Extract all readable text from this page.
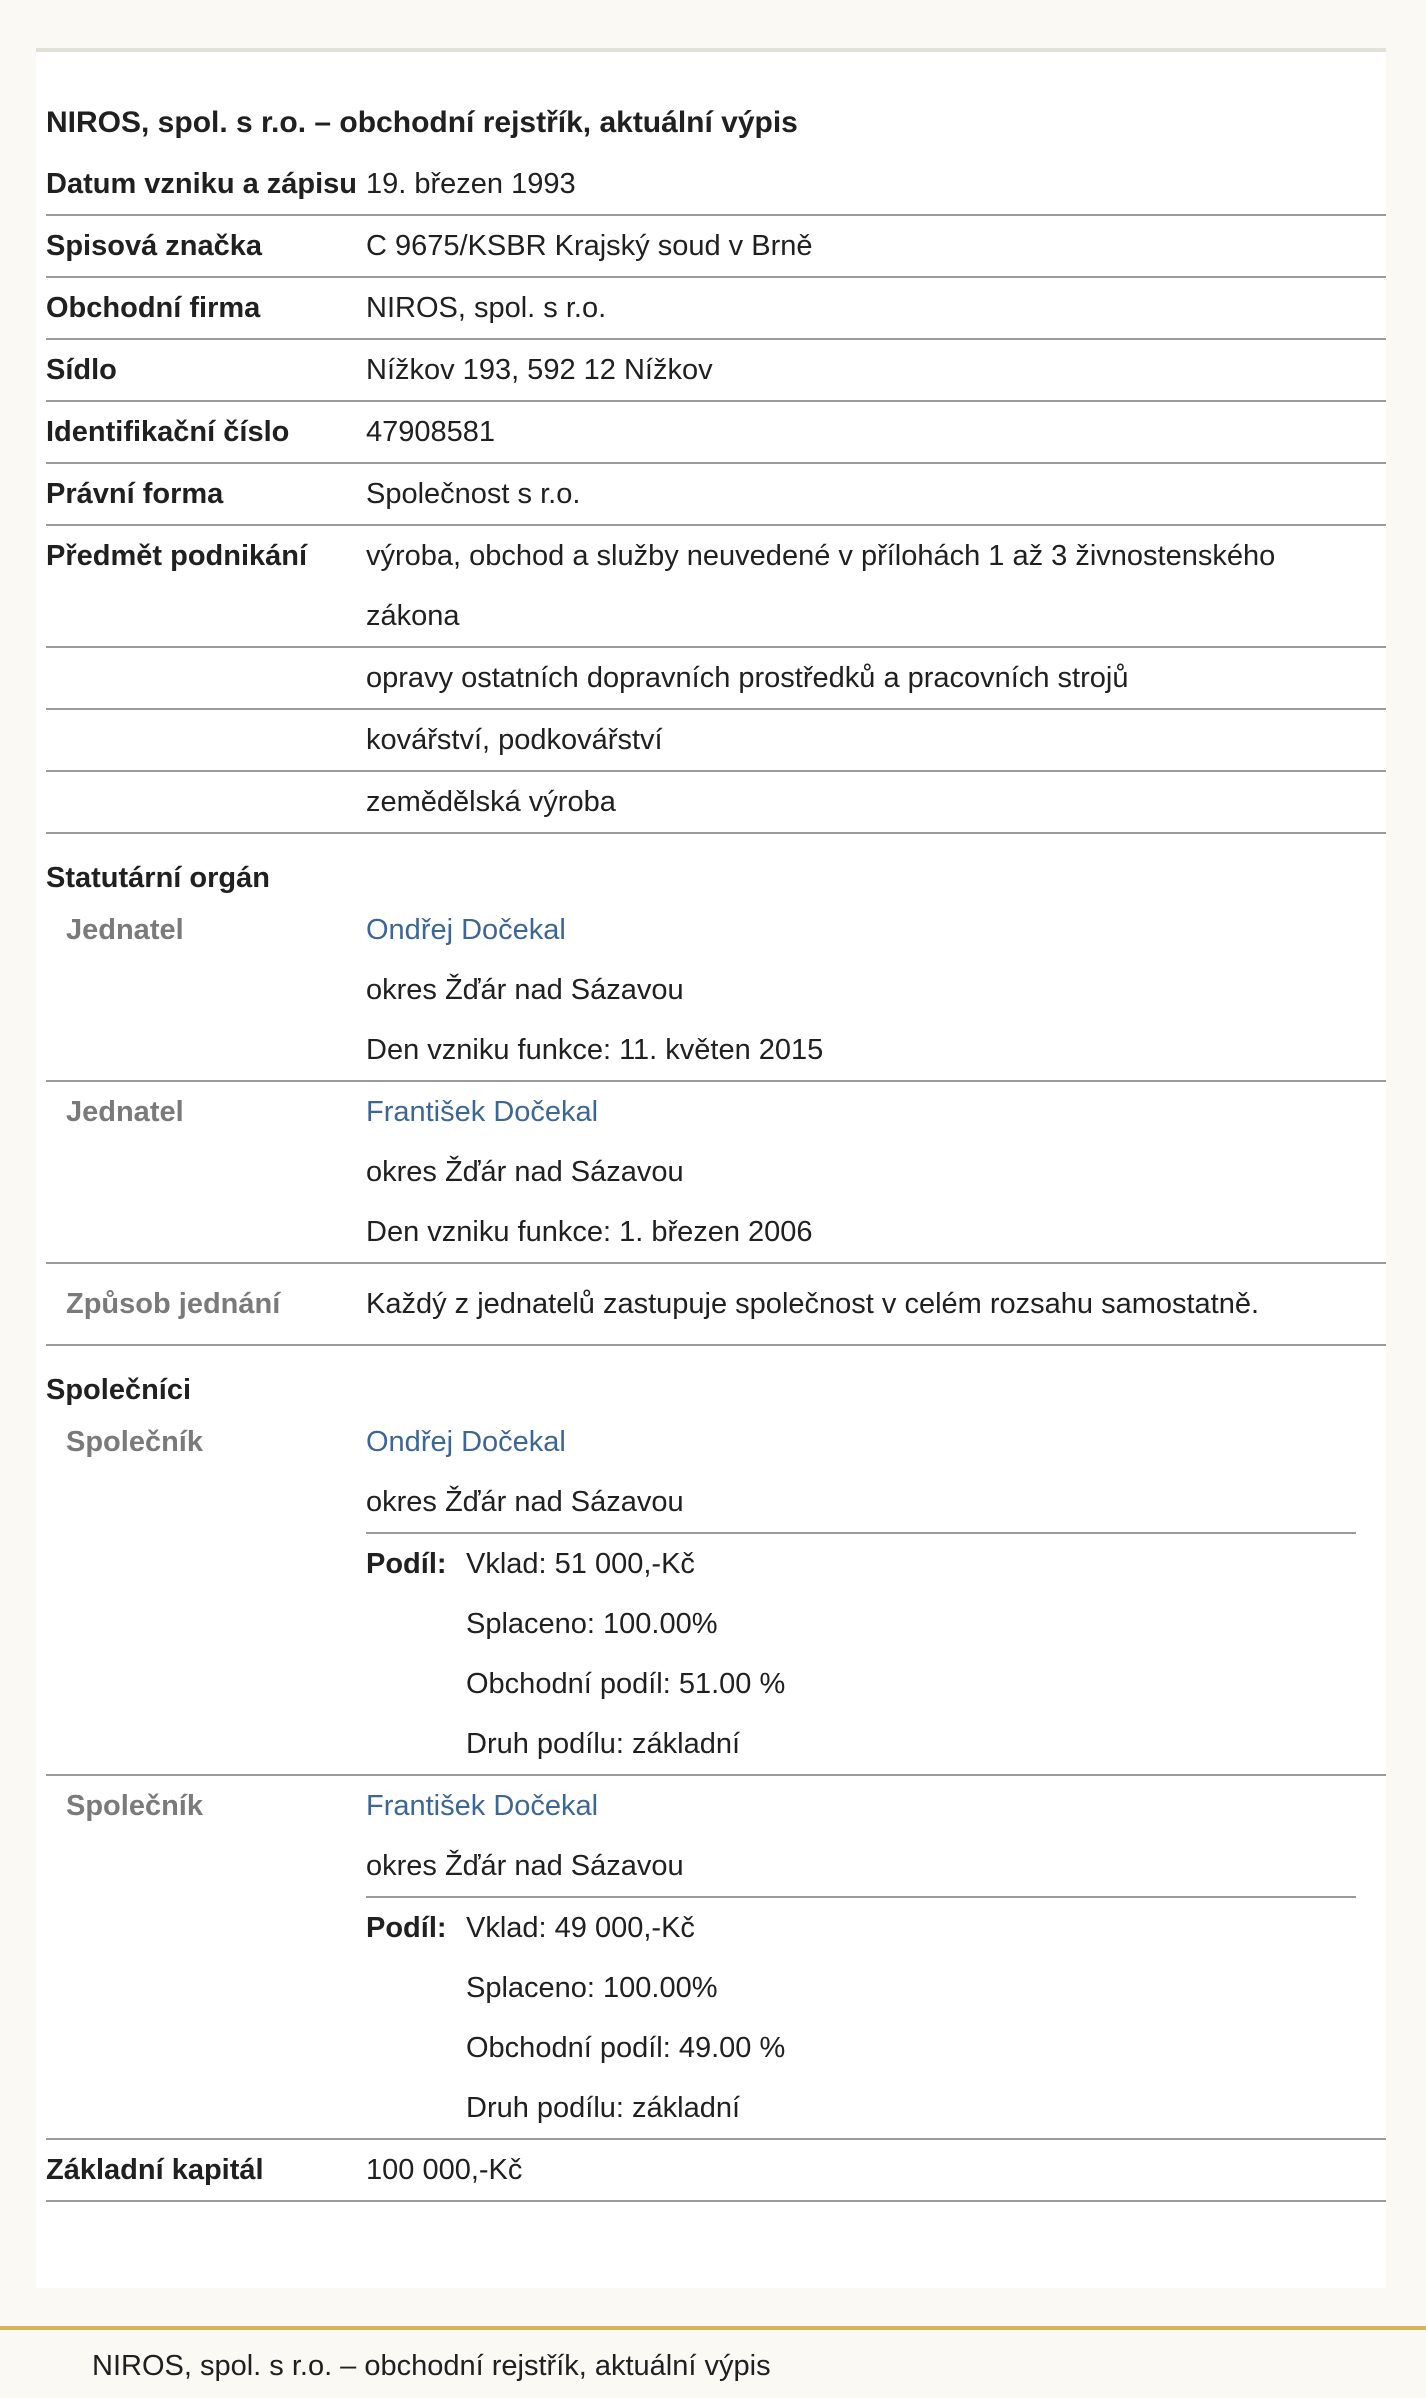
NIROS, spol. s r.o. – obchodní rejstřík, aktuální výpis
Datum vzniku a zápisu 19. březen 1993
Spisová značka	C 9675/KSBR Krajský soud v Brně
Obchodní firma	NIROS, spol. s r.o.
Sídlo	Nížkov 193, 592 12 Nížkov
Identifikační číslo	47908581
Právní forma	Společnost s r.o.
Předmět podnikání	výroba, obchod a služby neuvedené v přílohách 1 až 3 živnostenského zákona
opravy ostatních dopravních prostředků a pracovních strojů
kovářství, podkovářství
zemědělská výroba
Statutární orgán
Jednatel	Ondřej Dočekal
okres Žďár nad Sázavou
Den vzniku funkce: 11. květen 2015
Jednatel	František Dočekal
okres Žďár nad Sázavou
Den vzniku funkce: 1. březen 2006
Způsob jednání	Každý z jednatelů zastupuje společnost v celém rozsahu samostatně.
Společníci
Společník	Ondřej Dočekal
okres Žďár nad Sázavou
Podíl: Vklad: 51 000,-Kč
Splaceno: 100.00%
Obchodní podíl: 51.00 %
Druh podílu: základní
Společník	František Dočekal
okres Žďár nad Sázavou
Podíl: Vklad: 49 000,-Kč
Splaceno: 100.00%
Obchodní podíl: 49.00 %
Druh podílu: základní
Základní kapitál	100 000,-Kč
NIROS, spol. s r.o. – obchodní rejstřík, aktuální výpis
